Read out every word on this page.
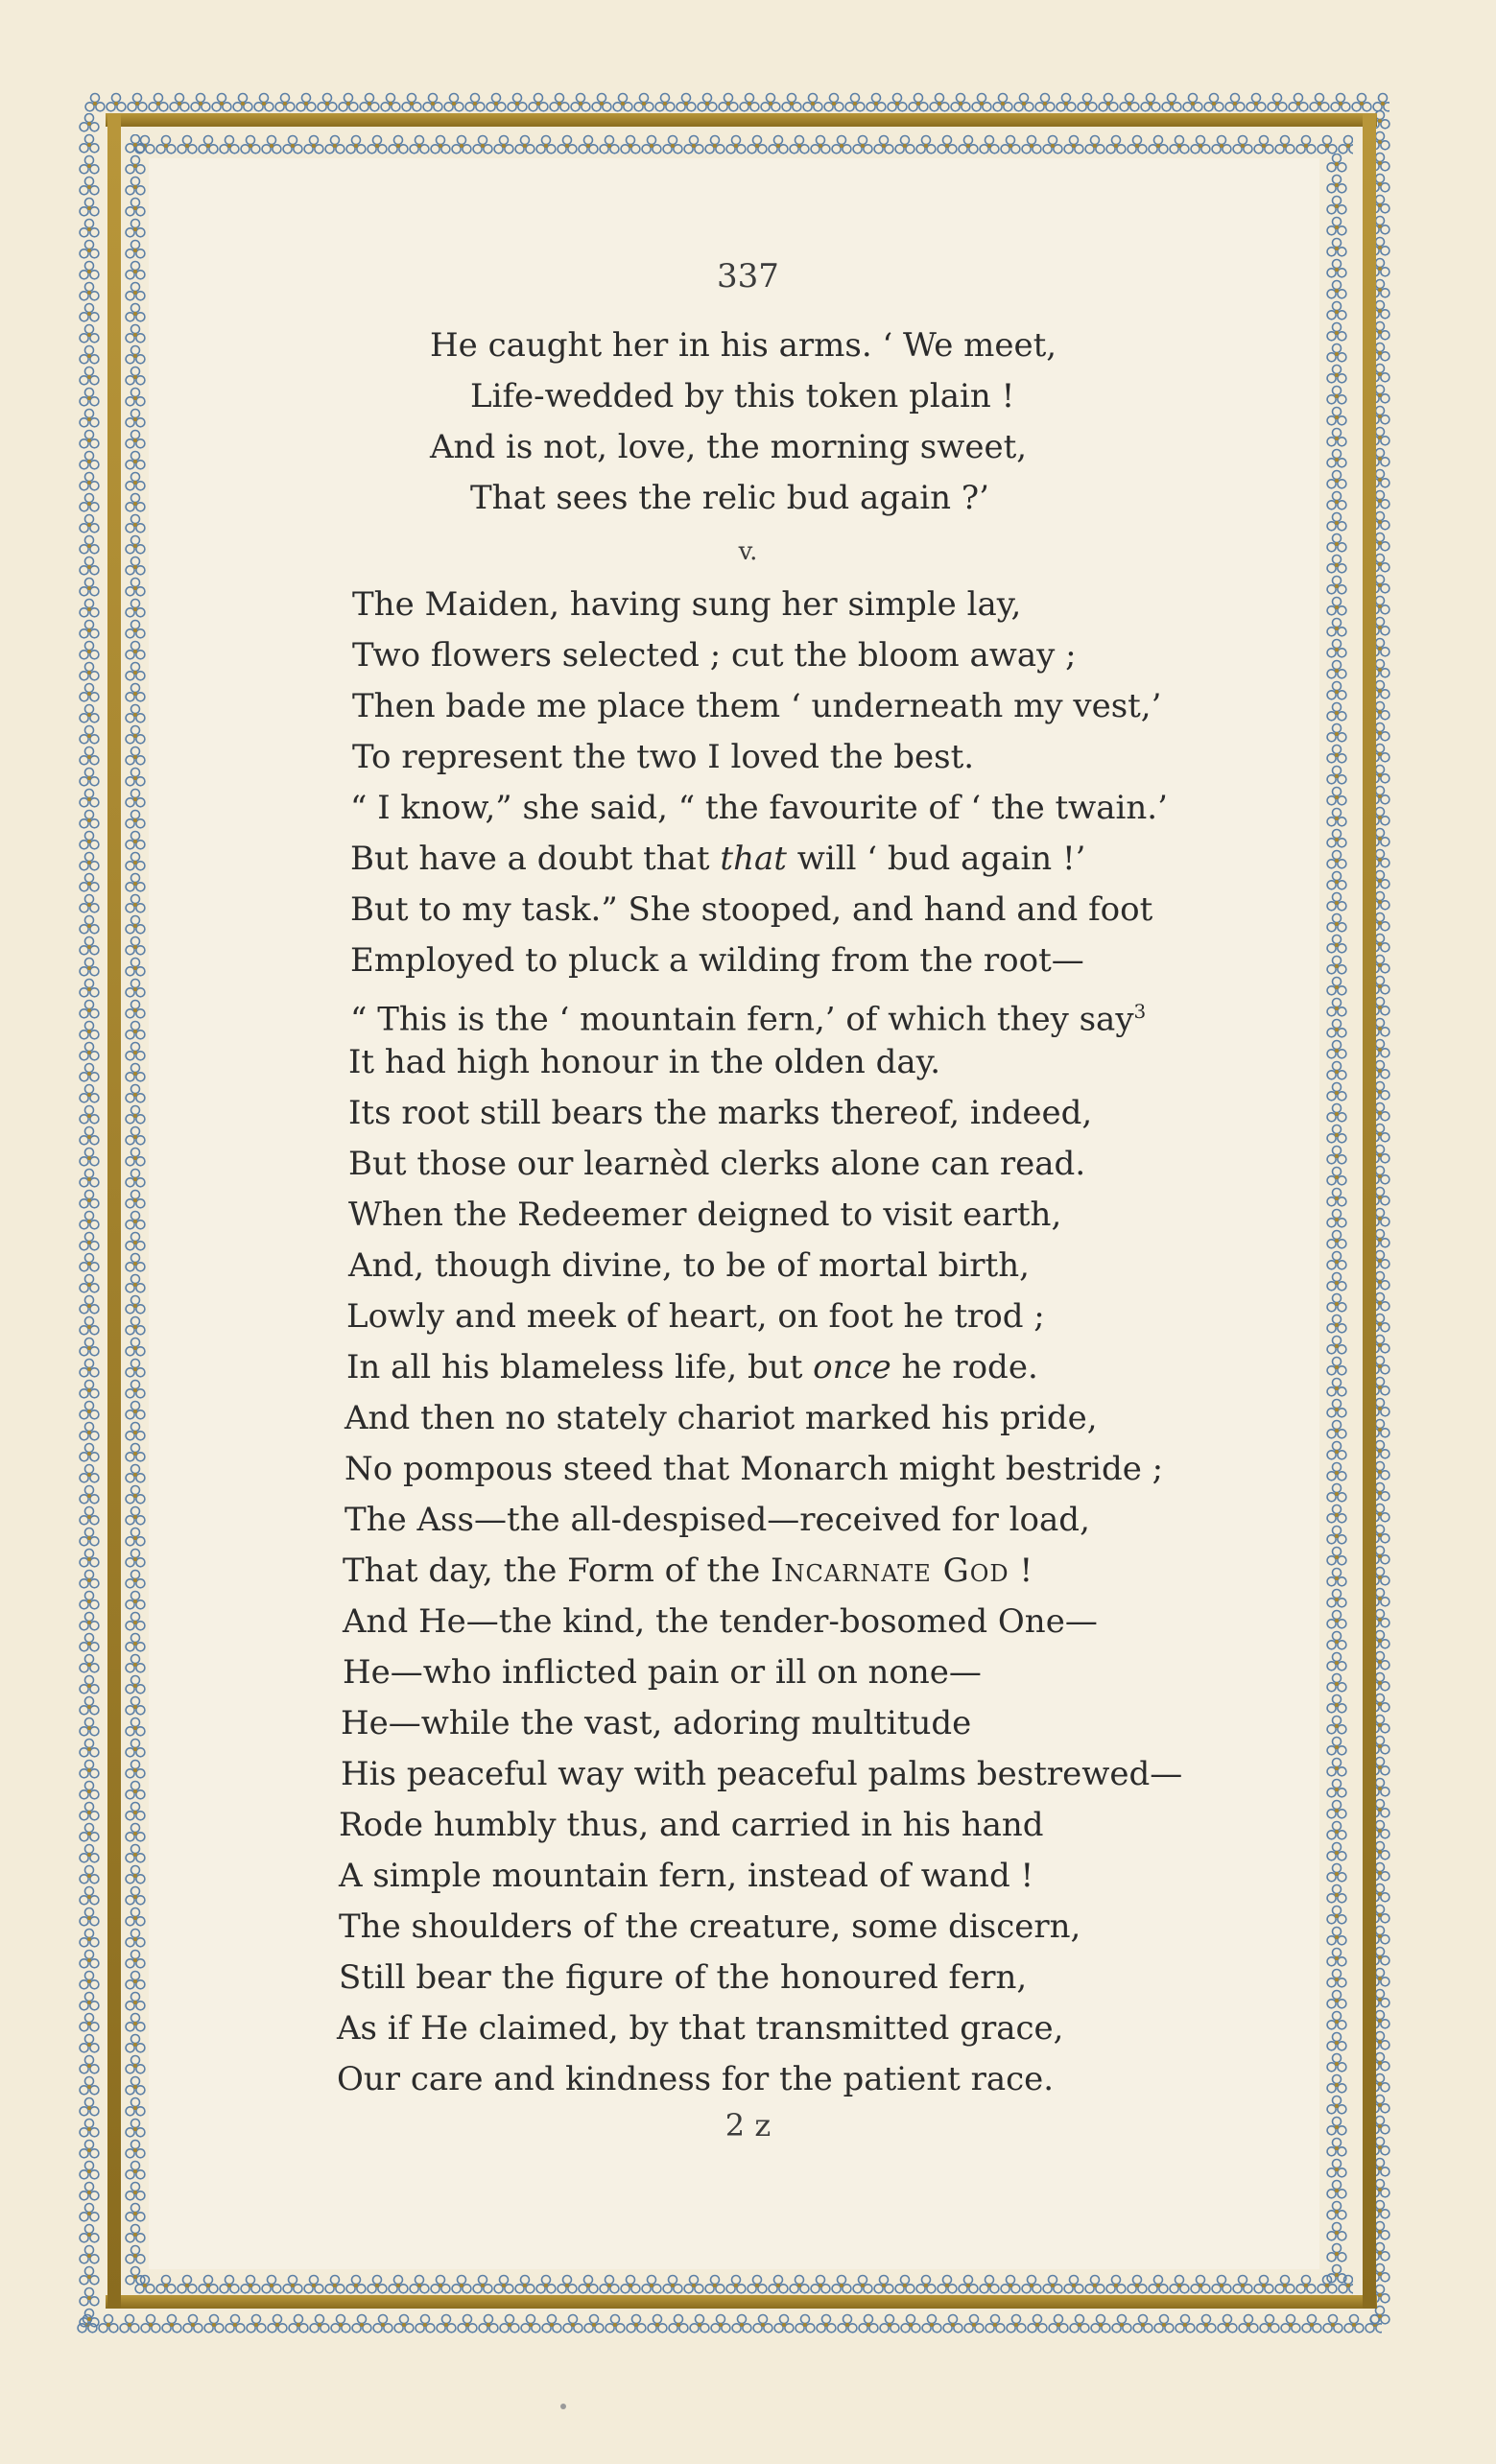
337
He caught her in his arms. ‘ We meet,
Life-wedded by this token plain !
And is not, love, the morning sweet,
That sees the relic bud again ?’
The Maiden, having sung her simple lay,
Two flowers selected ; cut the bloom away ;
Then bade me place them ‘ underneath my vest,’
To represent the two I loved the best.
“ I know,” she said, “ the favourite of ‘ the twain.’
But have a doubt that that will ‘ bud again !’
But to my task.” She stooped, and hand and foot
Employed to pluck a wilding from the root—
“ This is the ‘ mountain fern,’ of which they say$^3$
It had high honour in the olden day.
Its root still bears the marks thereof, indeed,
But those our learnèd clerks alone can read.
When the Redeemer deigned to visit earth,
And, though divine, to be of mortal birth,
Lowly and meek of heart, on foot he trod ;
In all his blameless life, but once he rode.
And then no stately chariot marked his pride,
No pompous steed that Monarch might bestride ;
The Ass—the all-despised—received for load,
That day, the Form of the Incarnate God !
And He—the kind, the tender-bosomed One—
He—who inflicted pain or ill on none—
He—while the vast, adoring multitude
His peaceful way with peaceful palms bestrewed—
Rode humbly thus, and carried in his hand
A simple mountain fern, instead of wand !
The shoulders of the creature, some discern,
Still bear the figure of the honoured fern,
As if He claimed, by that transmitted grace,
Our care and kindness for the patient race.
v.
2 z
